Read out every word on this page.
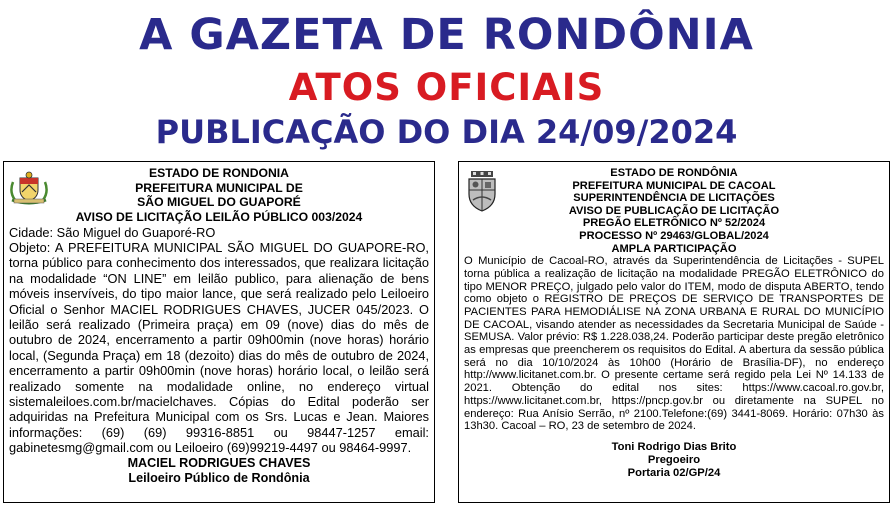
A GAZETA DE RONDÔNIA
ATOS OFICIAIS
PUBLICAÇÃO DO DIA 24/09/2024
ESTADO DE RONDONIA
PREFEITURA MUNICIPAL DE
SÃO MIGUEL DO GUAPORÉ
AVISO DE LICITAÇÃO LEILÃO PÚBLICO 003/2024
Cidade: São Miguel do Guaporé-RO

Objeto: A PREFEITURA MUNICIPAL SÃO MIGUEL DO GUAPORE-RO, torna público para conhecimento dos interessados, que realizara licitação na modalidade “ON LINE” em leilão publico, para alienação de bens móveis inservíveis, do tipo maior lance, que será realizado pelo Leiloeiro Oficial o Senhor MACIEL RODRIGUES CHAVES, JUCER 045/2023. O leilão será realizado (Primeira praça) em 09 (nove) dias do mês de outubro de 2024, encerramento a partir 09h00min (nove horas) horário local, (Segunda Praça) em 18 (dezoito) dias do mês de outubro de 2024, encerramento a partir 09h00min (nove horas) horário local, o leilão será realizado somente na modalidade online, no endereço virtual sistemaleiloes.com.br/macielchaves. Cópias do Edital poderão ser adquiridas na Prefeitura Municipal com os Srs. Lucas e Jean. Maiores informações: (69) (69) 99316-8851 ou 98447-1257 email: gabinetesmg@gmail.com ou Leiloeiro (69)99219-4497 ou 98464-9997.

MACIEL RODRIGUES CHAVES
Leiloeiro Público de Rondônia
ESTADO DE RONDÔNIA
PREFEITURA MUNICIPAL DE CACOAL
SUPERINTENDÊNCIA DE LICITAÇÕES
AVISO DE PUBLICAÇÃO DE LICITAÇÃO
PREGÃO ELETRÔNICO Nº 52/2024
PROCESSO Nº 29463/GLOBAL/2024
AMPLA PARTICIPAÇÃO

O Município de Cacoal-RO, através da Superintendência de Licitações - SUPEL torna pública a realização de licitação na modalidade PREGÃO ELETRÔNICO do tipo MENOR PREÇO, julgado pelo valor do ITEM, modo de disputa ABERTO, tendo como objeto o REGISTRO DE PREÇOS DE SERVIÇO DE TRANSPORTES DE PACIENTES PARA HEMODIÁLISE NA ZONA URBANA E RURAL DO MUNICÍPIO DE CACOAL, visando atender as necessidades da Secretaria Municipal de Saúde - SEMUSA. Valor prévio: R$ 1.228.038,24. Poderão participar deste pregão eletrônico as empresas que preencherem os requisitos do Edital. A abertura da sessão pública será no dia 10/10/2024 às 10h00 (Horário de Brasília-DF), no endereço http://www.licitanet.com.br. O presente certame será regido pela Lei Nº 14.133 de 2021. Obtenção do edital nos sites: https://www.cacoal.ro.gov.br, https://www.licitanet.com.br, https://pncp.gov.br ou diretamente na SUPEL no endereço: Rua Anísio Serrão, nº 2100.Telefone:(69) 3441-8069. Horário: 07h30 às 13h30. Cacoal – RO, 23 de setembro de 2024.

Toni Rodrigo Dias Brito
Pregoeiro
Portaria 02/GP/24
